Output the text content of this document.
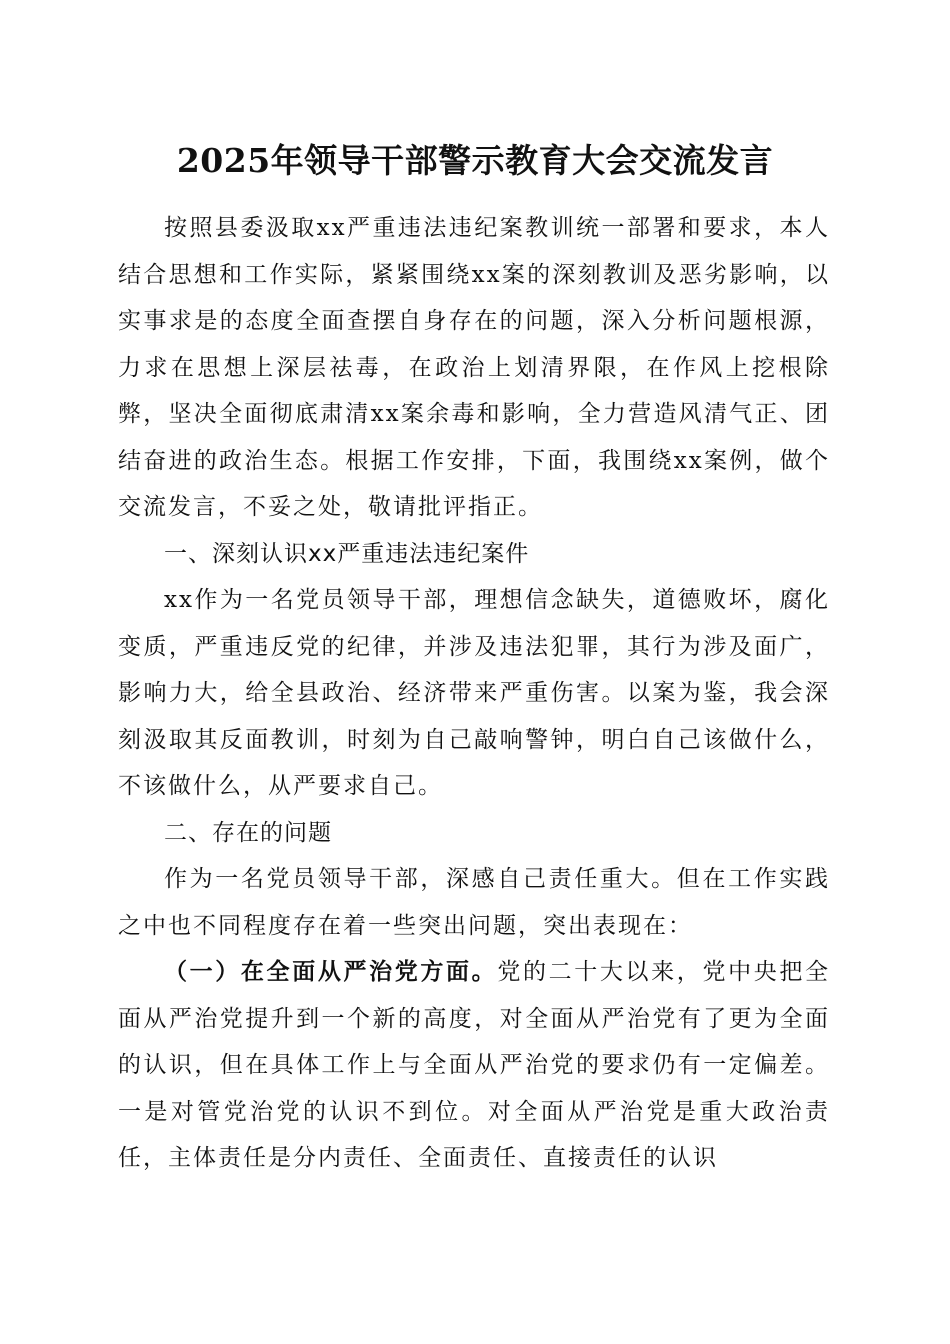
2025年领导干部警示教育大会交流发言

按照县委汲取xx严重违法违纪案教训统一部署和要求，本人结合思想和工作实际，紧紧围绕xx案的深刻教训及恶劣影响，以实事求是的态度全面查摆自身存在的问题，深入分析问题根源，力求在思想上深层祛毒，在政治上划清界限，在作风上挖根除弊，坚决全面彻底肃清xx案余毒和影响，全力营造风清气正、团结奋进的政治生态。根据工作安排，下面，我围绕xx案例，做个交流发言，不妥之处，敬请批评指正。

一、深刻认识xx严重违法违纪案件

xx作为一名党员领导干部，理想信念缺失，道德败坏，腐化变质，严重违反党的纪律，并涉及违法犯罪，其行为涉及面广，影响力大，给全县政治、经济带来严重伤害。以案为鉴，我会深刻汲取其反面教训，时刻为自己敲响警钟，明白自己该做什么，不该做什么，从严要求自己。

二、存在的问题

作为一名党员领导干部，深感自己责任重大。但在工作实践之中也不同程度存在着一些突出问题，突出表现在：

（一）在全面从严治党方面。党的二十大以来，党中央把全面从严治党提升到一个新的高度，对全面从严治党有了更为全面的认识，但在具体工作上与全面从严治党的要求仍有一定偏差。一是对管党治党的认识不到位。对全面从严治党是重大政治责任，主体责任是分内责任、全面责任、直接责任的认识
